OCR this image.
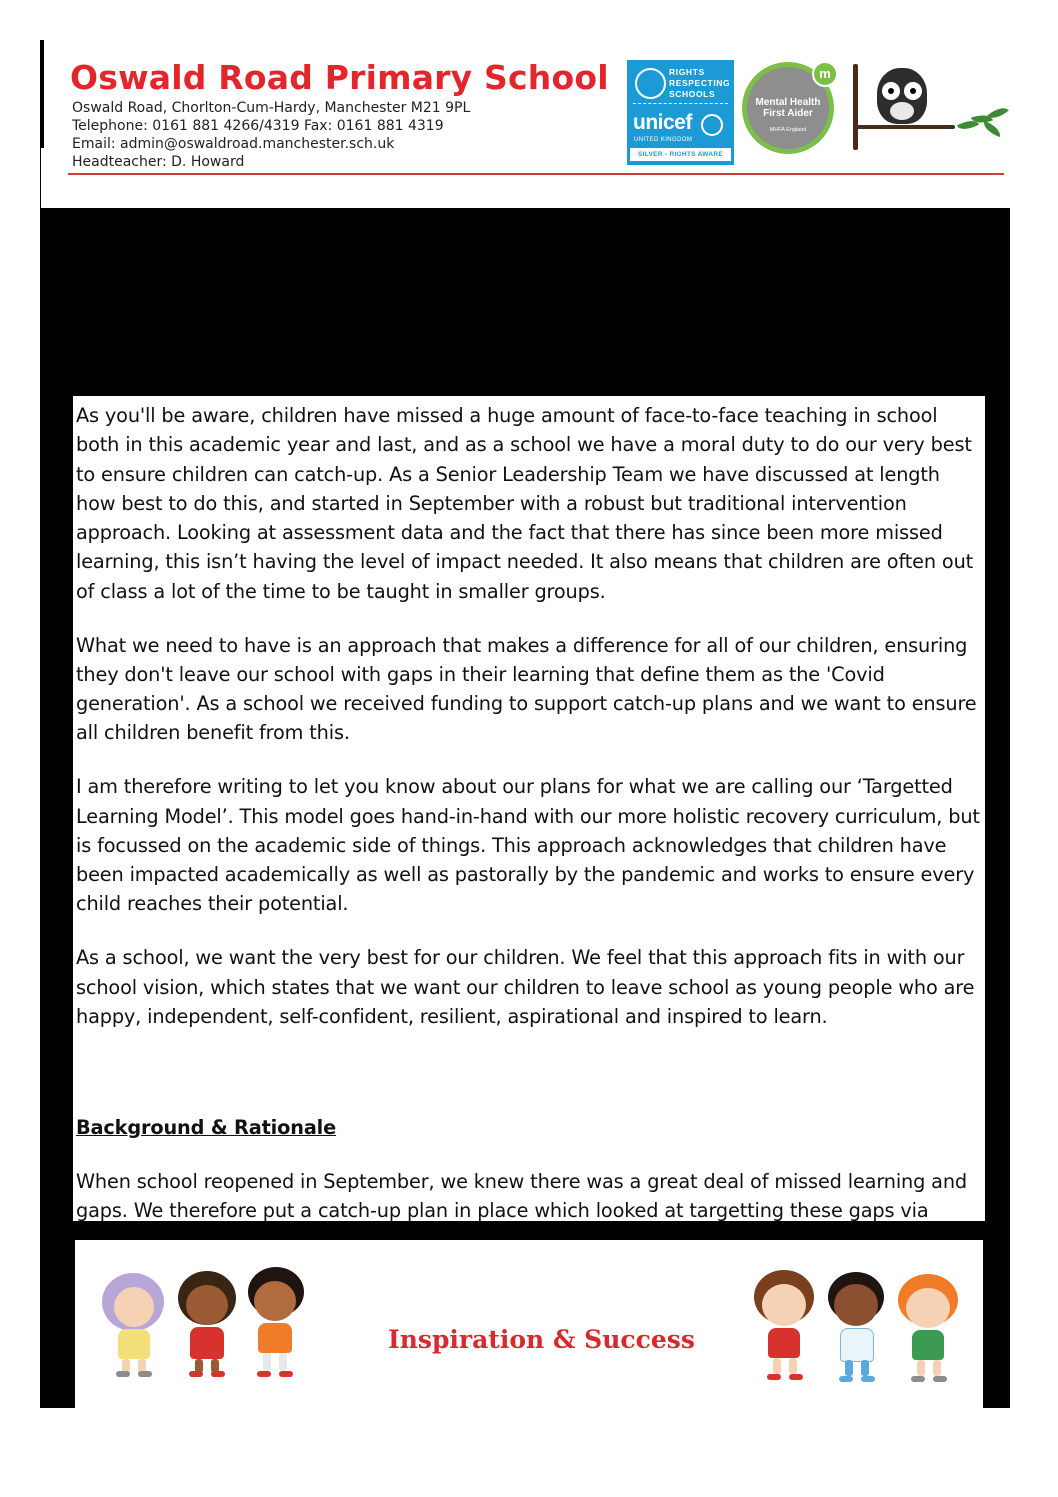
Oswald Road Primary School
Oswald Road, Chorlton-Cum-Hardy, Manchester M21 9PL
Telephone: 0161 881 4266/4319 Fax: 0161 881 4319
Email: admin@oswaldroad.manchester.sch.uk
Headteacher: D. Howard
RIGHTS RESPECTING SCHOOLS
unicef
UNITED KINGDOM
SILVER - RIGHTS AWARE
Mental Health First Aider
MHFA England
m

As you'll be aware, children have missed a huge amount of face-to-face teaching in school both in this academic year and last, and as a school we have a moral duty to do our very best to ensure children can catch-up. As a Senior Leadership Team we have discussed at length how best to do this, and started in September with a robust but traditional intervention approach. Looking at assessment data and the fact that there has since been more missed learning, this isn’t having the level of impact needed. It also means that children are often out of class a lot of the time to be taught in smaller groups.

What we need to have is an approach that makes a difference for all of our children, ensuring they don't leave our school with gaps in their learning that define them as the 'Covid generation'. As a school we received funding to support catch-up plans and we want to ensure all children benefit from this.

I am therefore writing to let you know about our plans for what we are calling our ‘Targetted Learning Model’. This model goes hand-in-hand with our more holistic recovery curriculum, but is focussed on the academic side of things. This approach acknowledges that children have been impacted academically as well as pastorally by the pandemic and works to ensure every child reaches their potential.

As a school, we want the very best for our children. We feel that this approach fits in with our school vision, which states that we want our children to leave school as young people who are happy, independent, self-confident, resilient, aspirational and inspired to learn.

Background & Rationale

When school reopened in September, we knew there was a great deal of missed learning and gaps. We therefore put a catch-up plan in place which looked at targetting these gaps via

Inspiration & Success
